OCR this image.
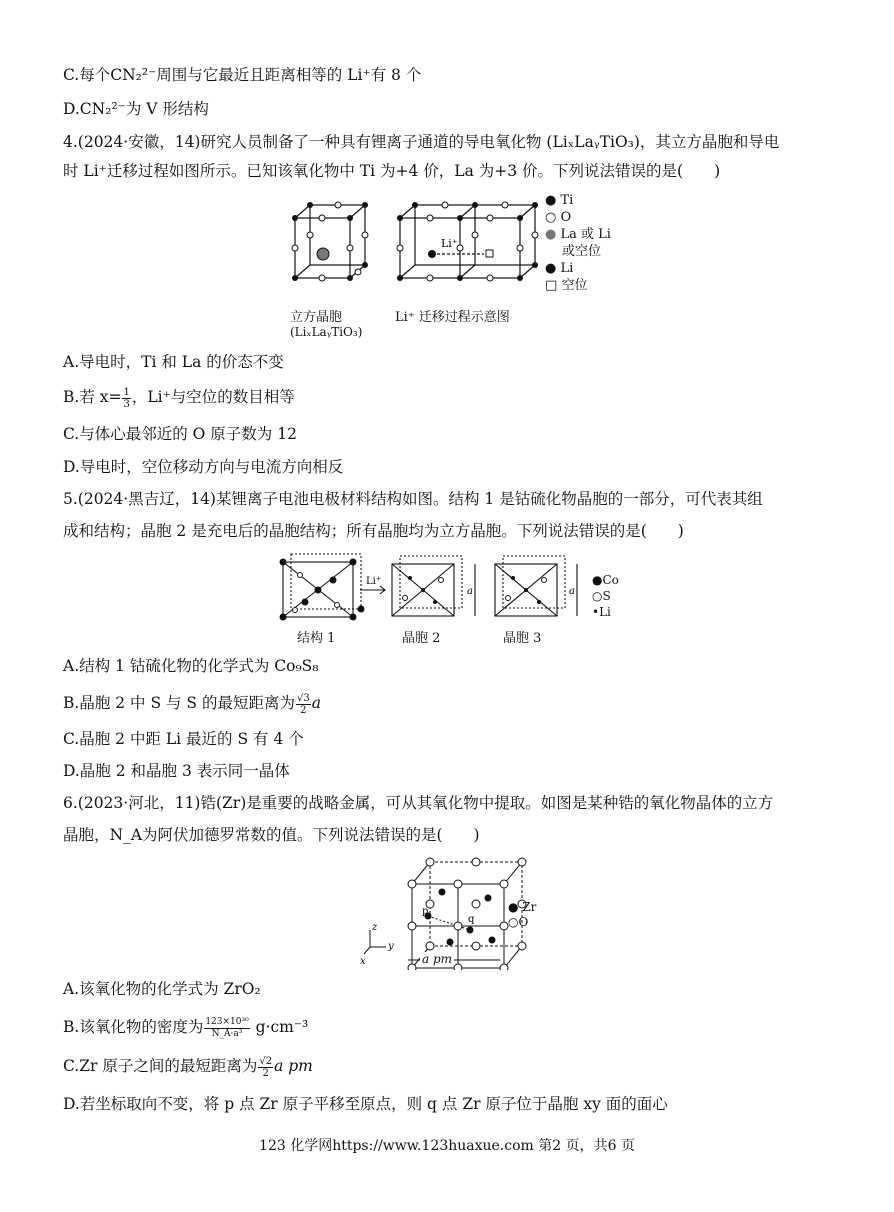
C.每个CN₂²⁻周围与它最近且距离相等的 Li⁺有 8 个
D.CN₂²⁻为 V 形结构
4.(2024·安徽，14)研究人员制备了一种具有锂离子通道的导电氧化物 (LiₓLaᵧTiO₃)，其立方晶胞和导电
时 Li⁺迁移过程如图所示。已知该氧化物中 Ti 为+4 价，La 为+3 价。下列说法错误的是(　　)
Li⁺
立方晶胞
(LiₓLaᵧTiO₃)
Li⁺ 迁移过程示意图
● Ti
○ O
● La 或 Li
或空位
● Li
□ 空位
A.导电时，Ti 和 La 的价态不变
B.若 $x= \frac{1}{3}$ ，Li⁺与空位的数目相等
C.与体心最邻近的 O 原子数为 12
D.导电时，空位移动方向与电流方向相反
5.(2024·黑吉辽，14)某锂离子电池电极材料结构如图。结构 1 是钴硫化物晶胞的一部分，可代表其组
成和结构；晶胞 2 是充电后的晶胞结构；所有晶胞均为立方晶胞。下列说法错误的是(　　)
Li⁺
a	a
结构 1	晶胞 2	晶胞 3
●Co
○S
•Li
A.结构 1 钴硫化物的化学式为 Co₉S₈
B.晶胞 2 中 S 与 S 的最短距离为 $\frac{√3}{2}$ a
C.晶胞 2 中距 Li 最近的 S 有 4 个
D.晶胞 2 和晶胞 3 表示同一晶体
6.(2023·河北，11)锆(Zr)是重要的战略金属，可从其氧化物中提取。如图是某种锆的氧化物晶体的立方
晶胞，N_A为阿伏加德罗常数的值。下列说法错误的是(　　)
p
q
z
y
x	a pm
● Zr
○O
A.该氧化物的化学式为 ZrO₂
B.该氧化物的密度为 $\frac{\text{123×10³⁰}}{\text{N\_A·a³}} g\cdot cm^{-3}$
C.Zr 原子之间的最短距离为 $\frac{√2}{2}$ a pm
D.若坐标取向不变，将 p 点 Zr 原子平移至原点，则 q 点 Zr 原子位于晶胞 xy 面的面心
123 化学网https://www.123huaxue.com 第2 页，共6 页
